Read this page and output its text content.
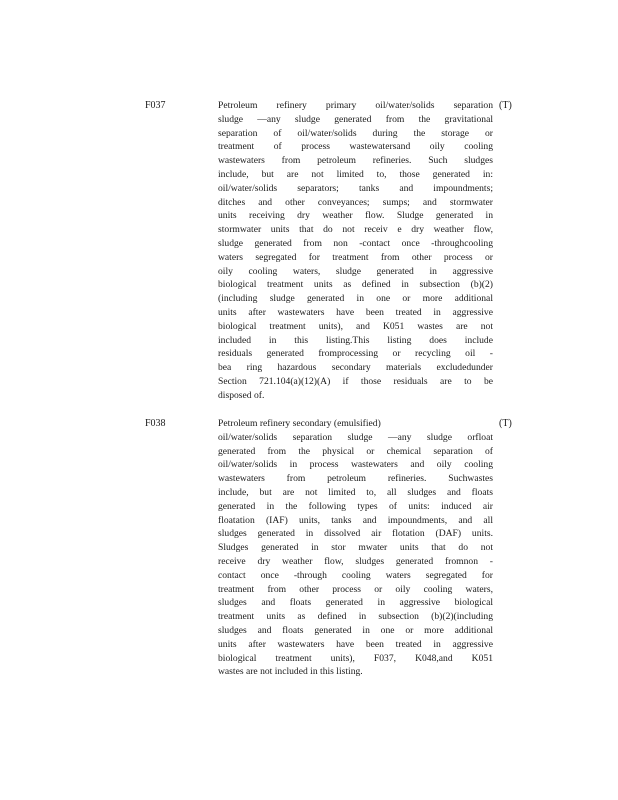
F037	Petroleum refinery primary oil/water/solids separation
sludge —any sludge generated from the gravitational
separation of oil/water/solids during the storage or
treatment of process wastewatersand oily cooling
wastewaters from petroleum refineries. Such sludges
include, but are not limited to, those generated in:
oil/water/solids separators; tanks and impoundments;
ditches and other conveyances; sumps; and stormwater
units receiving dry weather flow. Sludge generated in
stormwater units that do not receiv e dry weather flow,
sludge generated from non -contact once -throughcooling
waters segregated for treatment from other process or
oily cooling waters, sludge generated in aggressive
biological treatment units as defined in subsection (b)(2)
(including sludge generated in one or more additional
units after wastewaters have been treated in aggressive
biological treatment units), and K051 wastes are not
included in this listing.This listing does include
residuals generated fromprocessing or recycling oil -
bea ring hazardous secondary materials excludedunder
Section 721.104(a)(12)(A) if those residuals are to be
disposed of.
(T)
F038	Petroleum refinery secondary (emulsified)
oil/water/solids separation sludge —any sludge orfloat
generated from the physical or chemical separation of
oil/water/solids in process wastewaters and oily cooling
wastewaters from petroleum refineries. Suchwastes
include, but are not limited to, all sludges and floats
generated in the following types of units: induced air
floatation (IAF) units, tanks and impoundments, and all
sludges generated in dissolved air flotation (DAF) units.
Sludges generated in stor mwater units that do not
receive dry weather flow, sludges generated fromnon -
contact once -through cooling waters segregated for
treatment from other process or oily cooling waters,
sludges and floats generated in aggressive biological
treatment units as defined in subsection (b)(2)(including
sludges and floats generated in one or more additional
units after wastewaters have been treated in aggressive
biological treatment units), F037, K048,and K051
wastes are not included in this listing.
(T)
